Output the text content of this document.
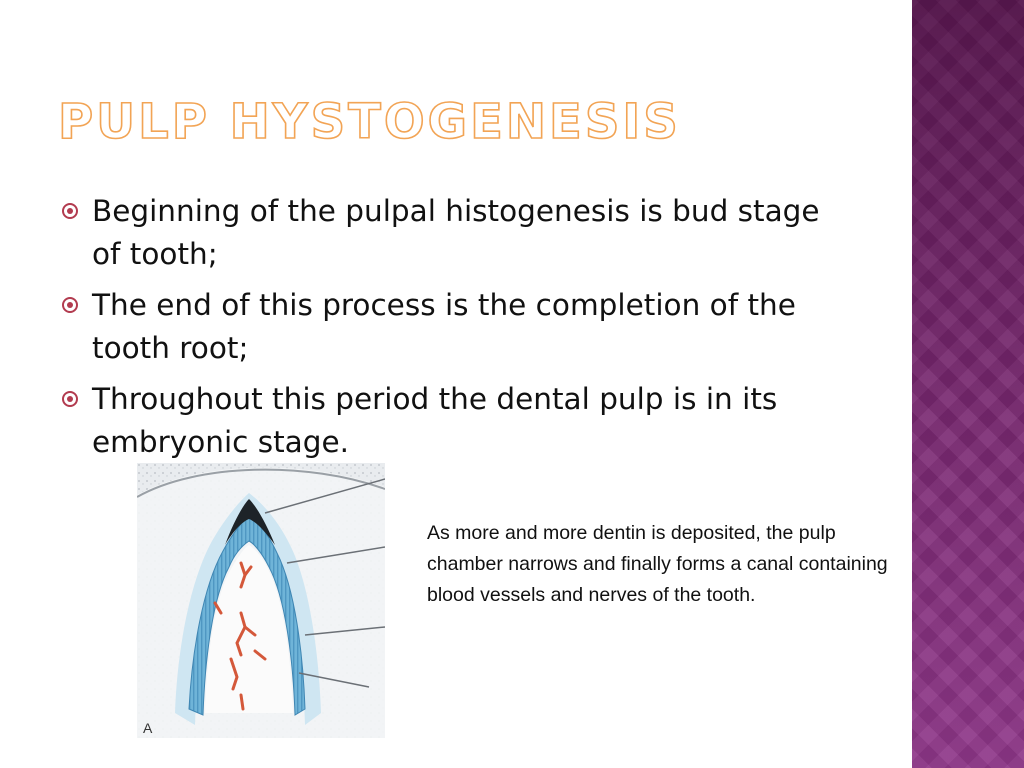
PULP HYSTOGENESIS
Beginning of the pulpal histogenesis is bud stage of tooth;
The end of this process is the completion of the tooth root;
Throughout this period the dental pulp is in its embryonic stage.
A

As more and more dentin is deposited, the pulp chamber narrows and finally forms a canal containing blood vessels and nerves of the tooth.
